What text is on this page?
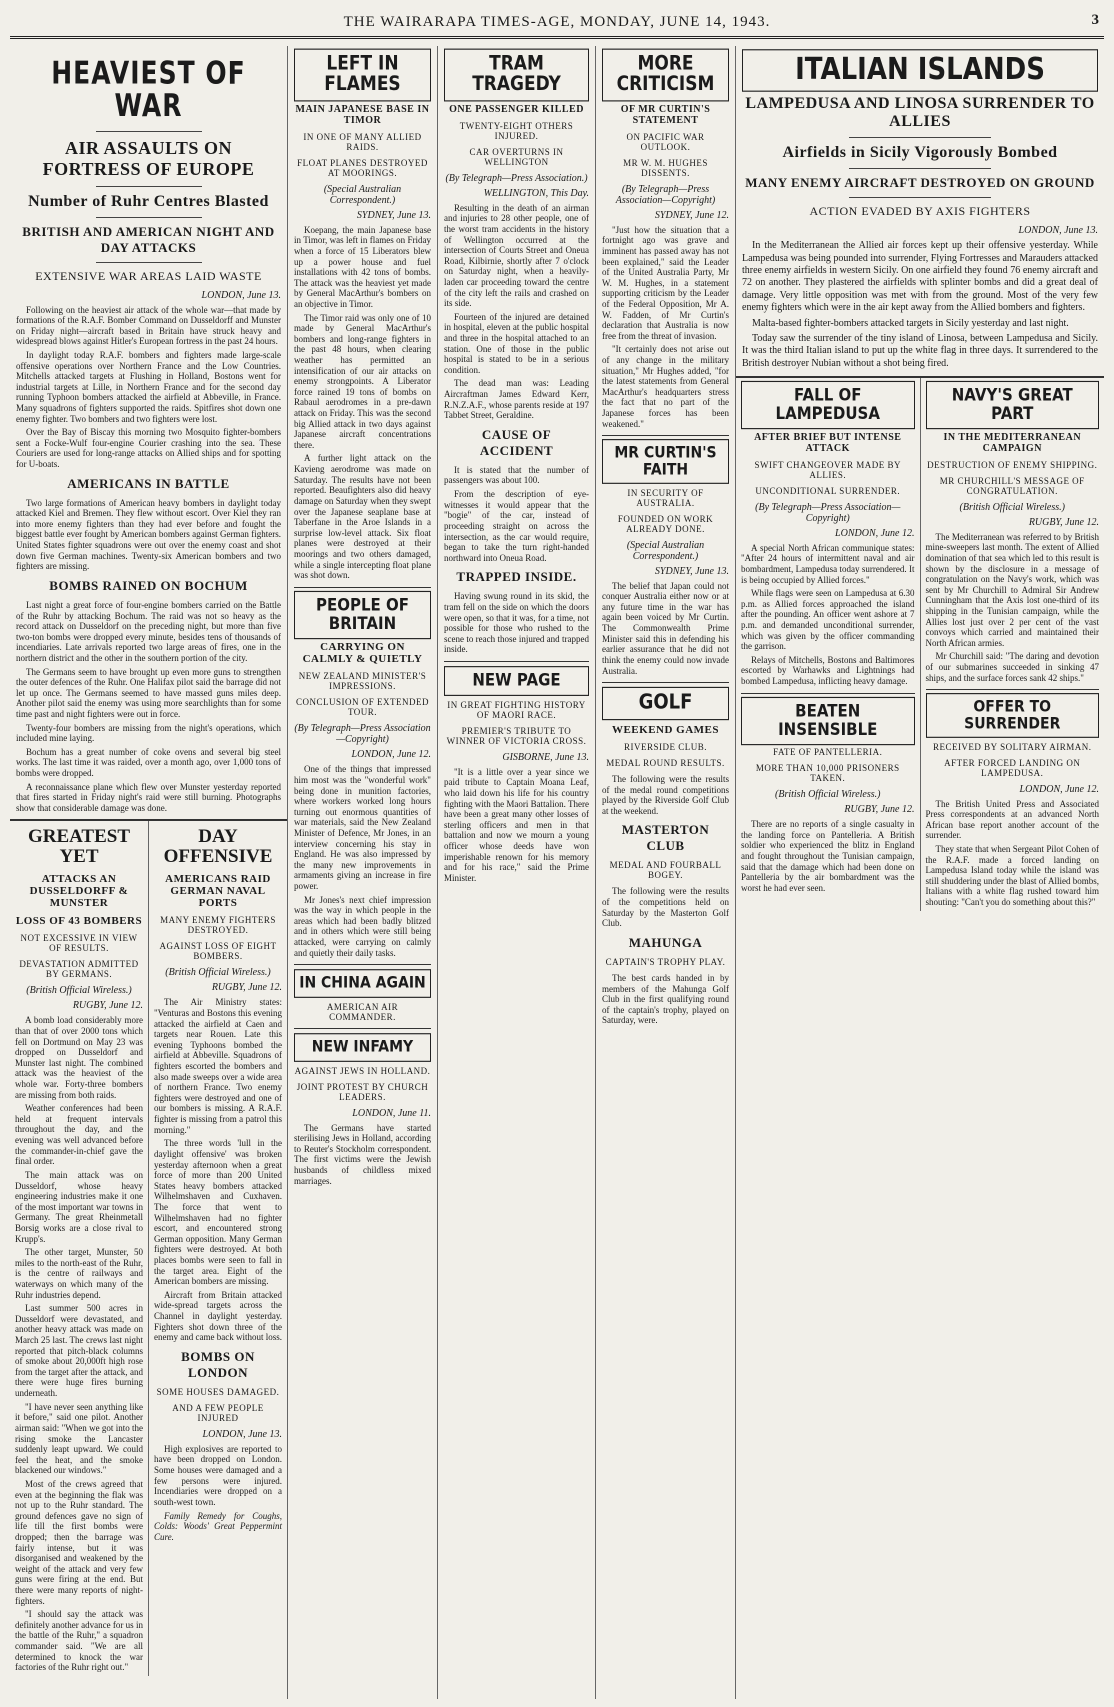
THE WAIRARAPA TIMES-AGE, MONDAY, JUNE 14, 1943.	3
HEAVIEST OF WAR
AIR ASSAULTS ON FORTRESS OF EUROPE
Number of Ruhr Centres Blasted
BRITISH AND AMERICAN NIGHT AND DAY ATTACKS
EXTENSIVE WAR AREAS LAID WASTE
LONDON, June 13.

Following on the heaviest air attack of the whole war—that made by formations of the R.A.F. Bomber Command on Dusseldorff and Munster on Friday night—aircraft based in Britain have struck heavy and widespread blows against Hitler's European fortress in the past 24 hours.

In daylight today R.A.F. bombers and fighters made large-scale offensive operations over Northern France and the Low Countries. Mitchells attacked targets at Flushing in Holland, Bostons went for industrial targets at Lille, in Northern France and for the second day running Typhoon bombers attacked the airfield at Abbeville, in France. Many squadrons of fighters supported the raids. Spitfires shot down one enemy fighter. Two bombers and two fighters were lost.

Over the Bay of Biscay this morning two Mosquito fighter-bombers sent a Focke-Wulf four-engine Courier crashing into the sea. These Couriers are used for long-range attacks on Allied ships and for spotting for U-boats.

AMERICANS IN BATTLE

Two large formations of American heavy bombers in daylight today attacked Kiel and Bremen. They flew without escort. Over Kiel they ran into more enemy fighters than they had ever before and fought the biggest battle ever fought by American bombers against German fighters. United States fighter squadrons were out over the enemy coast and shot down five German machines. Twenty-six American bombers and two fighters are missing.

BOMBS RAINED ON BOCHUM

Last night a great force of four-engine bombers carried on the Battle of the Ruhr by attacking Bochum. The raid was not so heavy as the record attack on Dusseldorf on the preceding night, but more than five two-ton bombs were dropped every minute, besides tens of thousands of incendiaries. Late arrivals reported two large areas of fires, one in the northern district and the other in the southern portion of the city.

The Germans seem to have brought up even more guns to strengthen the outer defences of the Ruhr. One Halifax pilot said the barrage did not let up once. The Germans seemed to have massed guns miles deep. Another pilot said the enemy was using more searchlights than for some time past and night fighters were out in force.

Twenty-four bombers are missing from the night's operations, which included mine laying.

Bochum has a great number of coke ovens and several big steel works. The last time it was raided, over a month ago, over 1,000 tons of bombs were dropped.

A reconnaissance plane which flew over Munster yesterday reported that fires started in Friday night's raid were still burning. Photographs show that considerable damage was done.

GREATEST YET
ATTACKS AN DUSSELDORFF & MUNSTER
LOSS OF 43 BOMBERS
NOT EXCESSIVE IN VIEW OF RESULTS.
DEVASTATION ADMITTED BY GERMANS.
(British Official Wireless.)
RUGBY, June 12.

A bomb load considerably more than that of over 2000 tons which fell on Dortmund on May 23 was dropped on Dusseldorf and Munster last night. The combined attack was the heaviest of the whole war. Forty-three bombers are missing from both raids.

Weather conferences had been held at frequent intervals throughout the day, and the evening was well advanced before the commander-in-chief gave the final order.

The main attack was on Dusseldorf, whose heavy engineering industries make it one of the most important war towns in Germany. The great Rheinmetall Borsig works are a close rival to Krupp's.

The other target, Munster, 50 miles to the north-east of the Ruhr, is the centre of railways and waterways on which many of the Ruhr industries depend.

Last summer 500 acres in Dusseldorf were devastated, and another heavy attack was made on March 25 last. The crews last night reported that pitch-black columns of smoke about 20,000ft high rose from the target after the attack, and there were huge fires burning underneath.

"I have never seen anything like it before," said one pilot. Another airman said: "When we got into the rising smoke the Lancaster suddenly leapt upward. We could feel the heat, and the smoke blackened our windows."

Most of the crews agreed that even at the beginning the flak was not up to the Ruhr standard. The ground defences gave no sign of life till the first bombs were dropped; then the barrage was fairly intense, but it was disorganised and weakened by the weight of the attack and very few guns were firing at the end. But there were many reports of night-fighters.

"I should say the attack was definitely another advance for us in the battle of the Ruhr," a squadron commander said. "We are all determined to knock the war factories of the Ruhr right out."

DAY OFFENSIVE
AMERICANS RAID GERMAN NAVAL PORTS
MANY ENEMY FIGHTERS DESTROYED.
AGAINST LOSS OF EIGHT BOMBERS.
(British Official Wireless.)
RUGBY, June 12.

The Air Ministry states: "Venturas and Bostons this evening attacked the airfield at Caen and targets near Rouen. Late this evening Typhoons bombed the airfield at Abbeville. Squadrons of fighters escorted the bombers and also made sweeps over a wide area of northern France. Two enemy fighters were destroyed and one of our bombers is missing. A R.A.F. fighter is missing from a patrol this morning."

The three words 'lull in the daylight offensive' was broken yesterday afternoon when a great force of more than 200 United States heavy bombers attacked Wilhelmshaven and Cuxhaven. The force that went to Wilhelmshaven had no fighter escort, and encountered strong German opposition. Many German fighters were destroyed. At both places bombs were seen to fall in the target area. Eight of the American bombers are missing.

Aircraft from Britain attacked wide-spread targets across the Channel in daylight yesterday. Fighters shot down three of the enemy and came back without loss.

BOMBS ON LONDON
SOME HOUSES DAMAGED.
AND A FEW PEOPLE INJURED
LONDON, June 13.

High explosives are reported to have been dropped on London. Some houses were damaged and a few persons were injured. Incendiaries were dropped on a south-west town.

Family Remedy for Coughs, Colds: Woods' Great Peppermint Cure.

LEFT IN FLAMES
MAIN JAPANESE BASE IN TIMOR
IN ONE OF MANY ALLIED RAIDS.
FLOAT PLANES DESTROYED AT MOORINGS.
(Special Australian Correspondent.)
SYDNEY, June 13.

Koepang, the main Japanese base in Timor, was left in flames on Friday when a force of 15 Liberators blew up a power house and fuel installations with 42 tons of bombs. The attack was the heaviest yet made by General MacArthur's bombers on an objective in Timor.

The Timor raid was only one of 10 made by General MacArthur's bombers and long-range fighters in the past 48 hours, when clearing weather has permitted an intensification of our air attacks on enemy strongpoints. A Liberator force rained 19 tons of bombs on Rabaul aerodromes in a pre-dawn attack on Friday. This was the second big Allied attack in two days against Japanese aircraft concentrations there.

A further light attack on the Kavieng aerodrome was made on Saturday. The results have not been reported. Beaufighters also did heavy damage on Saturday when they swept over the Japanese seaplane base at Taberfane in the Aroe Islands in a surprise low-level attack. Six float planes were destroyed at their moorings and two others damaged, while a single intercepting float plane was shot down.

PEOPLE OF BRITAIN
CARRYING ON CALMLY & QUIETLY
NEW ZEALAND MINISTER'S IMPRESSIONS.
CONCLUSION OF EXTENDED TOUR.
(By Telegraph—Press Association—Copyright)
LONDON, June 12.

One of the things that impressed him most was the "wonderful work" being done in munition factories, where workers worked long hours turning out enormous quantities of war materials, said the New Zealand Minister of Defence, Mr Jones, in an interview concerning his stay in England. He was also impressed by the many new improvements in armaments giving an increase in fire power.

Mr Jones's next chief impression was the way in which people in the areas which had been badly blitzed and in others which were still being attacked, were carrying on calmly and quietly their daily tasks.

IN CHINA AGAIN
AMERICAN AIR COMMANDER.
NEW INFAMY
AGAINST JEWS IN HOLLAND.
JOINT PROTEST BY CHURCH LEADERS.
LONDON, June 11.

The Germans have started sterilising Jews in Holland, according to Reuter's Stockholm correspondent. The first victims were the Jewish husbands of childless mixed marriages.

TRAM TRAGEDY
ONE PASSENGER KILLED
TWENTY-EIGHT OTHERS INJURED.
CAR OVERTURNS IN WELLINGTON
(By Telegraph—Press Association.)
WELLINGTON, This Day.

Resulting in the death of an airman and injuries to 28 other people, one of the worst tram accidents in the history of Wellington occurred at the intersection of Courts Street and Oneua Road, Kilbirnie, shortly after 7 o'clock on Saturday night, when a heavily-laden car proceeding toward the centre of the city left the rails and crashed on its side.

Fourteen of the injured are detained in hospital, eleven at the public hospital and three in the hospital attached to an station. One of those in the public hospital is stated to be in a serious condition.

The dead man was: Leading Aircraftman James Edward Kerr, R.N.Z.A.F., whose parents reside at 197 Tabbet Street, Geraldine.

CAUSE OF ACCIDENT

It is stated that the number of passengers was about 100.

From the description of eye-witnesses it would appear that the "bogie" of the car, instead of proceeding straight on across the intersection, as the car would require, began to take the turn right-handed northward into Oneua Road.

TRAPPED INSIDE.

Having swung round in its skid, the tram fell on the side on which the doors were open, so that it was, for a time, not possible for those who rushed to the scene to reach those injured and trapped inside.

NEW PAGE
IN GREAT FIGHTING HISTORY OF MAORI RACE.
PREMIER'S TRIBUTE TO WINNER OF VICTORIA CROSS.
GISBORNE, June 13.

"It is a little over a year since we paid tribute to Captain Moana Leaf, who laid down his life for his country fighting with the Maori Battalion. There have been a great many other losses of sterling officers and men in that battalion and now we mourn a young officer whose deeds have won imperishable renown for his memory and for his race," said the Prime Minister.

MORE CRITICISM
OF MR CURTIN'S STATEMENT
ON PACIFIC WAR OUTLOOK.
MR W. M. HUGHES DISSENTS.
(By Telegraph—Press Association—Copyright)
SYDNEY, June 12.

"Just how the situation that a fortnight ago was grave and imminent has passed away has not been explained," said the Leader of the United Australia Party, Mr W. M. Hughes, in a statement supporting criticism by the Leader of the Federal Opposition, Mr A. W. Fadden, of Mr Curtin's declaration that Australia is now free from the threat of invasion.

"It certainly does not arise out of any change in the military situation," Mr Hughes added, "for the latest statements from General MacArthur's headquarters stress the fact that no part of the Japanese forces has been weakened."

MR CURTIN'S FAITH
IN SECURITY OF AUSTRALIA.
FOUNDED ON WORK ALREADY DONE.
(Special Australian Correspondent.)
SYDNEY, June 13.

The belief that Japan could not conquer Australia either now or at any future time in the war has again been voiced by Mr Curtin. The Commonwealth Prime Minister said this in defending his earlier assurance that he did not think the enemy could now invade Australia.

GOLF
WEEKEND GAMES
RIVERSIDE CLUB.
MEDAL ROUND RESULTS.

The following were the results of the medal round competitions played by the Riverside Golf Club at the weekend.

MASTERTON CLUB
MEDAL AND FOURBALL BOGEY.

The following were the results of the competitions held on Saturday by the Masterton Golf Club.

MAHUNGA
CAPTAIN'S TROPHY PLAY.

The best cards handed in by members of the Mahunga Golf Club in the first qualifying round of the captain's trophy, played on Saturday, were.

ITALIAN ISLANDS
LAMPEDUSA AND LINOSA SURRENDER TO ALLIES
Airfields in Sicily Vigorously Bombed
MANY ENEMY AIRCRAFT DESTROYED ON GROUND
ACTION EVADED BY AXIS FIGHTERS
LONDON, June 13.

In the Mediterranean the Allied air forces kept up their offensive yesterday. While Lampedusa was being pounded into surrender, Flying Fortresses and Marauders attacked three enemy airfields in western Sicily. On one airfield they found 76 enemy aircraft and 72 on another. They plastered the airfields with splinter bombs and did a great deal of damage. Very little opposition was met with from the ground. Most of the very few enemy fighters which were in the air kept away from the Allied bombers and fighters.

Malta-based fighter-bombers attacked targets in Sicily yesterday and last night.

Today saw the surrender of the tiny island of Linosa, between Lampedusa and Sicily. It was the third Italian island to put up the white flag in three days. It surrendered to the British destroyer Nubian without a shot being fired.

FALL OF LAMPEDUSA
AFTER BRIEF BUT INTENSE ATTACK
SWIFT CHANGEOVER MADE BY ALLIES.
UNCONDITIONAL SURRENDER.
(By Telegraph—Press Association—Copyright)
LONDON, June 12.

A special North African communique states: "After 24 hours of intermittent naval and air bombardment, Lampedusa today surrendered. It is being occupied by Allied forces."

While flags were seen on Lampedusa at 6.30 p.m. as Allied forces approached the island after the pounding. An officer went ashore at 7 p.m. and demanded unconditional surrender, which was given by the officer commanding the garrison.

Relays of Mitchells, Bostons and Baltimores escorted by Warhawks and Lightnings had bombed Lampedusa, inflicting heavy damage.

BEATEN INSENSIBLE
FATE OF PANTELLERIA.
MORE THAN 10,000 PRISONERS TAKEN.
(British Official Wireless.)
RUGBY, June 12.

There are no reports of a single casualty in the landing force on Pantelleria. A British soldier who experienced the blitz in England and fought throughout the Tunisian campaign, said that the damage which had been done on Pantelleria by the air bombardment was the worst he had ever seen.

NAVY'S GREAT PART
IN THE MEDITERRANEAN CAMPAIGN
DESTRUCTION OF ENEMY SHIPPING.
MR CHURCHILL'S MESSAGE OF CONGRATULATION.
(British Official Wireless.)
RUGBY, June 12.

The Mediterranean was referred to by British mine-sweepers last month. The extent of Allied domination of that sea which led to this result is shown by the disclosure in a message of congratulation on the Navy's work, which was sent by Mr Churchill to Admiral Sir Andrew Cunningham that the Axis lost one-third of its shipping in the Tunisian campaign, while the Allies lost just over 2 per cent of the vast convoys which carried and maintained their North African armies.

Mr Churchill said: "The daring and devotion of our submarines succeeded in sinking 47 ships, and the surface forces sank 42 ships."

OFFER TO SURRENDER
RECEIVED BY SOLITARY AIRMAN.
AFTER FORCED LANDING ON LAMPEDUSA.
LONDON, June 12.

The British United Press and Associated Press correspondents at an advanced North African base report another account of the surrender.

They state that when Sergeant Pilot Cohen of the R.A.F. made a forced landing on Lampedusa Island today while the island was still shuddering under the blast of Allied bombs, Italians with a white flag rushed toward him shouting: "Can't you do something about this?"
